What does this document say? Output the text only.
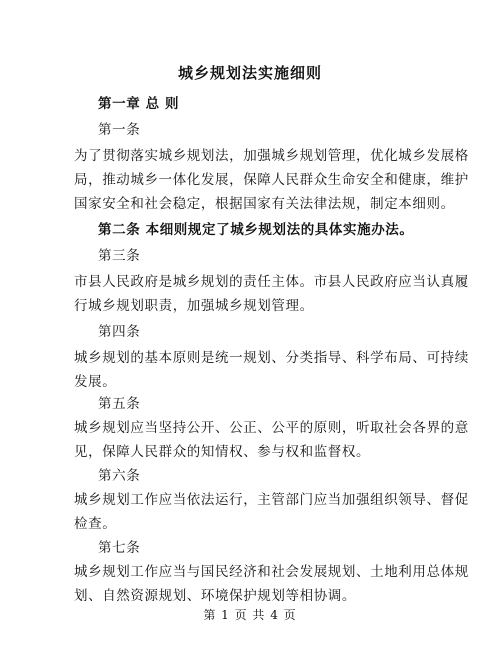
城乡规划法实施细则
第一章 总 则
第一条
为了贯彻落实城乡规划法，加强城乡规划管理，优化城乡发展格
局，推动城乡一体化发展，保障人民群众生命安全和健康，维护
国家安全和社会稳定，根据国家有关法律法规，制定本细则。
第二条 本细则规定了城乡规划法的具体实施办法。
第三条
市县人民政府是城乡规划的责任主体。市县人民政府应当认真履
行城乡规划职责，加强城乡规划管理。
第四条
城乡规划的基本原则是统一规划、分类指导、科学布局、可持续
发展。
第五条
城乡规划应当坚持公开、公正、公平的原则，听取社会各界的意
见，保障人民群众的知情权、参与权和监督权。
第六条
城乡规划工作应当依法运行，主管部门应当加强组织领导、督促
检查。
第 1 页 共 4 页
第七条
城乡规划工作应当与国民经济和社会发展规划、土地利用总体规
划、自然资源规划、环境保护规划等相协调。
